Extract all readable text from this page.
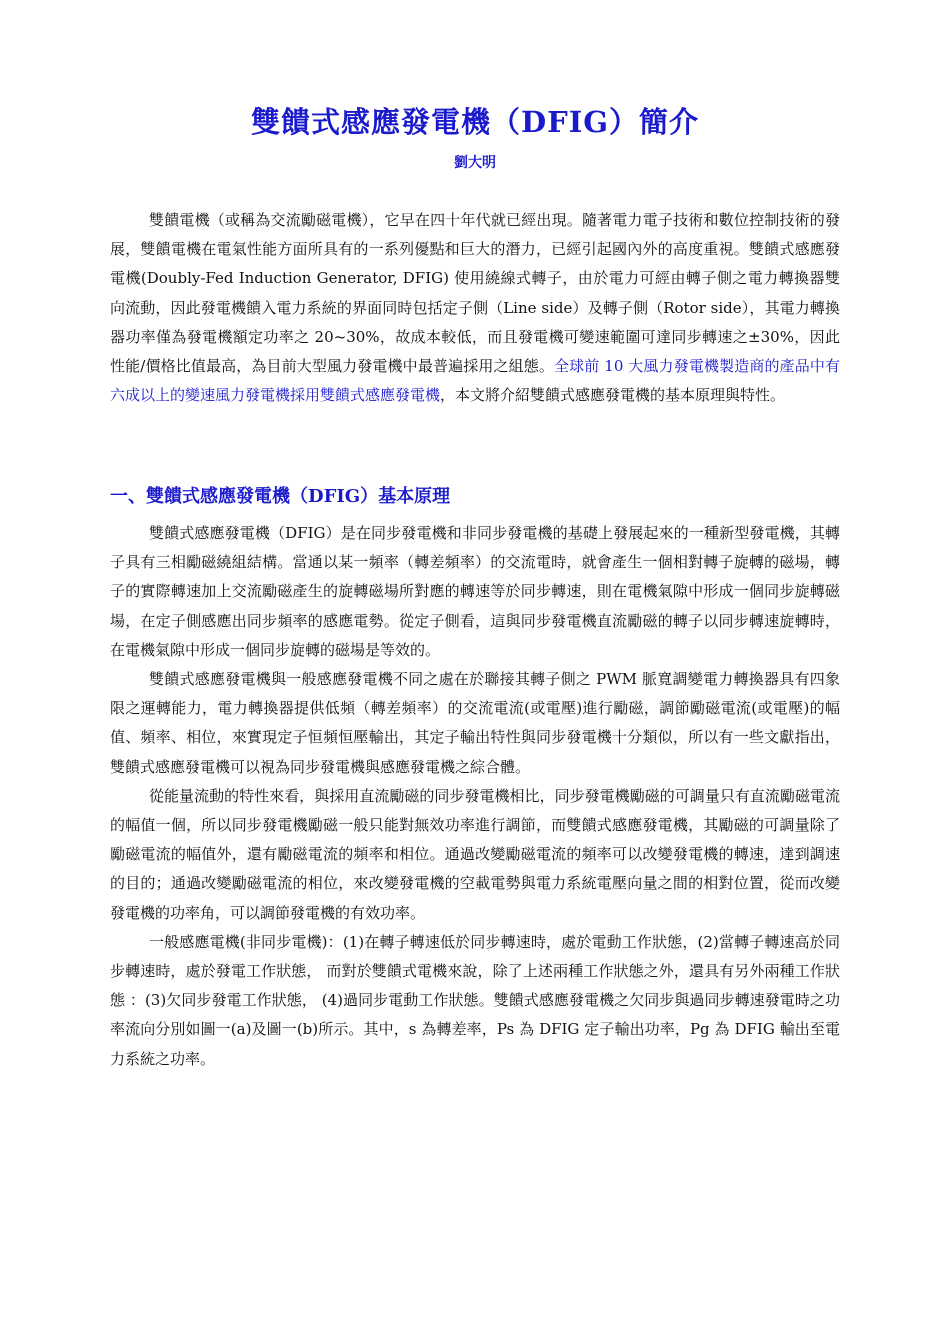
雙饋式感應發電機（DFIG）簡介
劉大明

雙饋電機（或稱為交流勵磁電機），它早在四十年代就已經出現。隨著電力電子技術和數位控制技術的發展，雙饋電機在電氣性能方面所具有的一系列優點和巨大的潛力，已經引起國內外的高度重視。雙饋式感應發電機(Doubly-Fed Induction Generator, DFIG) 使用繞線式轉子，由於電力可經由轉子側之電力轉換器雙向流動，因此發電機饋入電力系統的界面同時包括定子側（Line side）及轉子側（Rotor side），其電力轉換器功率僅為發電機額定功率之 20~30%，故成本較低，而且發電機可變速範圍可達同步轉速之±30%，因此性能/價格比值最高，為目前大型風力發電機中最普遍採用之組態。全球前 10 大風力發電機製造商的產品中有六成以上的變速風力發電機採用雙饋式感應發電機，本文將介紹雙饋式感應發電機的基本原理與特性。

一、雙饋式感應發電機（DFIG）基本原理

雙饋式感應發電機（DFIG）是在同步發電機和非同步發電機的基礎上發展起來的一種新型發電機，其轉子具有三相勵磁繞組結構。當通以某一頻率（轉差頻率）的交流電時，就會產生一個相對轉子旋轉的磁場，轉子的實際轉速加上交流勵磁產生的旋轉磁場所對應的轉速等於同步轉速，則在電機氣隙中形成一個同步旋轉磁場，在定子側感應出同步頻率的感應電勢。從定子側看，這與同步發電機直流勵磁的轉子以同步轉速旋轉時，在電機氣隙中形成一個同步旋轉的磁場是等效的。

雙饋式感應發電機與一般感應發電機不同之處在於聯接其轉子側之 PWM 脈寬調變電力轉換器具有四象限之運轉能力，電力轉換器提供低頻（轉差頻率）的交流電流(或電壓)進行勵磁，調節勵磁電流(或電壓)的幅值、頻率、相位，來實現定子恒頻恒壓輸出，其定子輸出特性與同步發電機十分類似，所以有一些文獻指出，雙饋式感應發電機可以視為同步發電機與感應發電機之綜合體。

從能量流動的特性來看，與採用直流勵磁的同步發電機相比，同步發電機勵磁的可調量只有直流勵磁電流的幅值一個，所以同步發電機勵磁一般只能對無效功率進行調節，而雙饋式感應發電機，其勵磁的可調量除了勵磁電流的幅值外，還有勵磁電流的頻率和相位。通過改變勵磁電流的頻率可以改變發電機的轉速，達到調速的目的；通過改變勵磁電流的相位，來改變發電機的空載電勢與電力系統電壓向量之間的相對位置，從而改變發電機的功率角，可以調節發電機的有效功率。

一般感應電機(非同步電機)：(1)在轉子轉速低於同步轉速時，處於電動工作狀態，(2)當轉子轉速高於同步轉速時，處於發電工作狀態， 而對於雙饋式電機來說，除了上述兩種工作狀態之外，還具有另外兩種工作狀態 ：(3)欠同步發電工作狀態， (4)過同步電動工作狀態。雙饋式感應發電機之欠同步與過同步轉速發電時之功率流向分別如圖一(a)及圖一(b)所示。其中，s 為轉差率，Ps 為 DFIG 定子輸出功率，Pg 為 DFIG 輸出至電力系統之功率。
